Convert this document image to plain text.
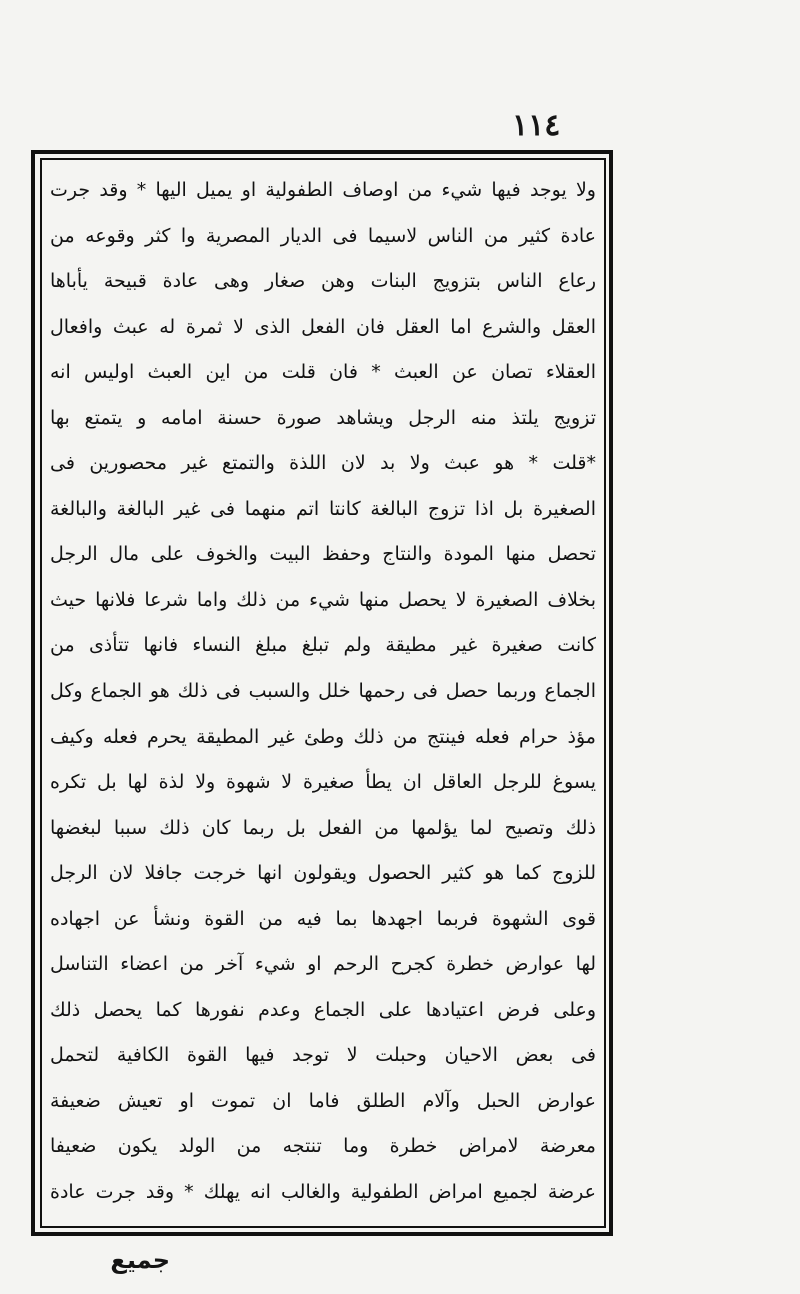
١١٤
ولا يوجد فيها شيء من اوصاف الطفولية او يميل اليها * وقد جرت
عادة كثير من الناس لاسيما فى الديار المصرية وا كثر وقوعه من
رعاع الناس بتزويج البنات وهن صغار وهى عادة قبيحة يأباها
العقل والشرع اما العقل فان الفعل الذى لا ثمرة له عبث وافعال
العقلاء تصان عن العبث * فان قلت من اين العبث اوليس انه
تزويج يلتذ منه الرجل ويشاهد صورة حسنة امامه و يتمتع بها
*قلت * هو عبث ولا بد لان اللذة والتمتع غير محصورين فى
الصغيرة بل اذا تزوج البالغة كانتا اتم منهما فى غير البالغة والبالغة
تحصل منها المودة والنتاج وحفظ البيت والخوف على مال الرجل
بخلاف الصغيرة لا يحصل منها شيء من ذلك واما شرعا فلانها حيث
كانت صغيرة غير مطيقة ولم تبلغ مبلغ النساء فانها تتأذى من
الجماع وربما حصل فى رحمها خلل والسبب فى ذلك هو الجماع وكل
مؤذ حرام فعله فينتج من ذلك وطئ غير المطيقة يحرم فعله وكيف
يسوغ للرجل العاقل ان يطأ صغيرة لا شهوة ولا لذة لها بل تكره
ذلك وتصيح لما يؤلمها من الفعل بل ربما كان ذلك سببا لبغضها
للزوج كما هو كثير الحصول ويقولون انها خرجت جافلا لان الرجل
قوى الشهوة فربما اجهدها بما فيه من القوة ونشأ عن اجهاده
لها عوارض خطرة كجرح الرحم او شيء آخر من اعضاء التناسل
وعلى فرض اعتيادها على الجماع وعدم نفورها كما يحصل ذلك
فى بعض الاحيان وحبلت لا توجد فيها القوة الكافية لتحمل
عوارض الحبل وآلام الطلق فاما ان تموت او تعيش ضعيفة
معرضة لامراض خطرة وما تنتجه من الولد يكون ضعيفا
عرضة لجميع امراض الطفولية والغالب انه يهلك * وقد جرت عادة
جميع
